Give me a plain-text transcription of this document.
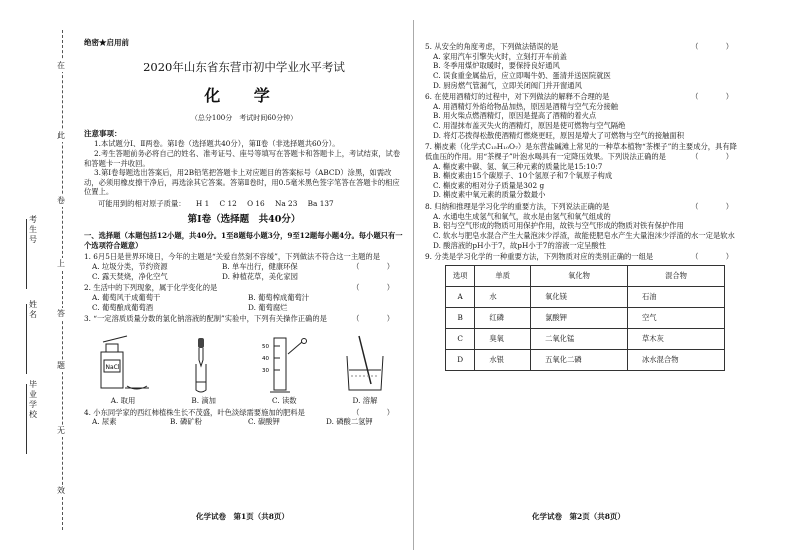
在
此
卷
上
答
题
无
效
考生号
姓名
毕业学校
绝密★启用前
2020年山东省东营市初中学业水平考试
化 学
（总分100分　考试时间60分钟）
注意事项：
1.本试题分Ⅰ、Ⅱ两卷。第Ⅰ卷（选择题共40分），第Ⅱ卷（非选择题共60分）。
2.考生答题前务必将自己的姓名、准考证号、座号等填写在答题卡和答题卡上，考试结束，试卷和答题卡一并收回。
3.第Ⅰ卷每题选出答案后，用2B铅笔把答题卡上对应题目的答案标号（ABCD）涂黑，如需改动，必须用橡皮擦干净后，再选涂其它答案。答第Ⅱ卷时，用0.5毫米黑色签字笔答在答题卡的相应位置上。
可能用到的相对原子质量： H 1 C 12 O 16 Na 23 Ba 137
第Ⅰ卷（选择题　共40分）
一、选择题（本题包括12小题，共40分。1至8题每小题3分，9至12题每小题4分。每小题只有一个选项符合题意）
1. 6月5日是世界环境日，今年的主题是“关爱自然刻不容缓”，下列做法不符合这一主题的是
（　）
A. 垃圾分类，节约资源	B. 单车出行，健康环保
C. 露天焚烧，净化空气	D. 种植花草，美化家园
2. 生活中的下列现象，属于化学变化的是	（　）
A. 葡萄风干成葡萄干	B. 葡萄榨成葡萄汁
C. 葡萄酿成葡萄酒	D. 葡萄腐烂
3. “一定溶质质量分数的氯化钠溶液的配制”实验中，下列有关操作正确的是	（　）
NaCl
A. 取用	B. 滴加
50
40
30
C. 读数	D. 溶解
4. 小东同学家的西红柿植株生长不茂盛，叶色淡绿需要施加的肥料是	（　）
A. 尿素	B. 磷矿粉	C. 碳酸钾	D. 磷酸二氢钾
化学试卷　第1页（共8页）
5. 从安全的角度考虑，下列做法错误的是	（　）
A. 家用汽车引擎失火时，立刻打开车前盖
B. 冬季用煤炉取暖时，要保持良好通风
C. 误食重金属盐后，应立即喝牛奶、蛋清并送医院就医
D. 厨房燃气管漏气，立即关闭阀门并开窗通风
6. 在使用酒精灯的过程中，对下列做法的解释不合理的是	（　）
A. 用酒精灯外焰给物品加热，原因是酒精与空气充分接触
B. 用火柴点燃酒精灯，原因是提高了酒精的着火点
C. 用湿抹布盖灭失火的酒精灯，原因是使可燃物与空气隔绝
D. 将灯芯拨得松散使酒精灯燃烧更旺，原因是增大了可燃物与空气的接触面积
7. 槲皮素（化学式C₁₅H₁₀O₇）是东营盐碱滩上常见的一种草本植物“茶棵子”的主要成分，具有降低血压的作用。用“茶棵子”叶泡水喝具有一定降压效果。下列说法正确的是	（　）
A. 槲皮素中碳、氢、氧三种元素的质量比是15:10:7
B. 槲皮素由15个碳原子、10个氢原子和7个氧原子构成
C. 槲皮素的相对分子质量是302 g
D. 槲皮素中氧元素的质量分数最小
8. 归纳和推理是学习化学的重要方法，下列说法正确的是	（　）
A. 水通电生成氢气和氧气，故水是由氢气和氧气组成的
B. 铝与空气形成的物质可用保护作用，故铁与空气形成的物质对铁有保护作用
C. 软水与肥皂水混合产生大量泡沫少浮渣，故能使肥皂水产生大量泡沫少浮渣的水一定是软水
D. 酸溶液的pH小于7，故pH小于7的溶液一定呈酸性
9. 分类是学习化学的一种重要方法，下列物质对应的类别正确的一组是	（　）
选项	单质	氧化物	混合物
A	水	氧化镁	石油
B	红磷	氯酸钾	空气
C	臭氧	二氧化锰	草木灰
D	水银	五氧化二磷	冰水混合物
化学试卷　第2页（共8页）
